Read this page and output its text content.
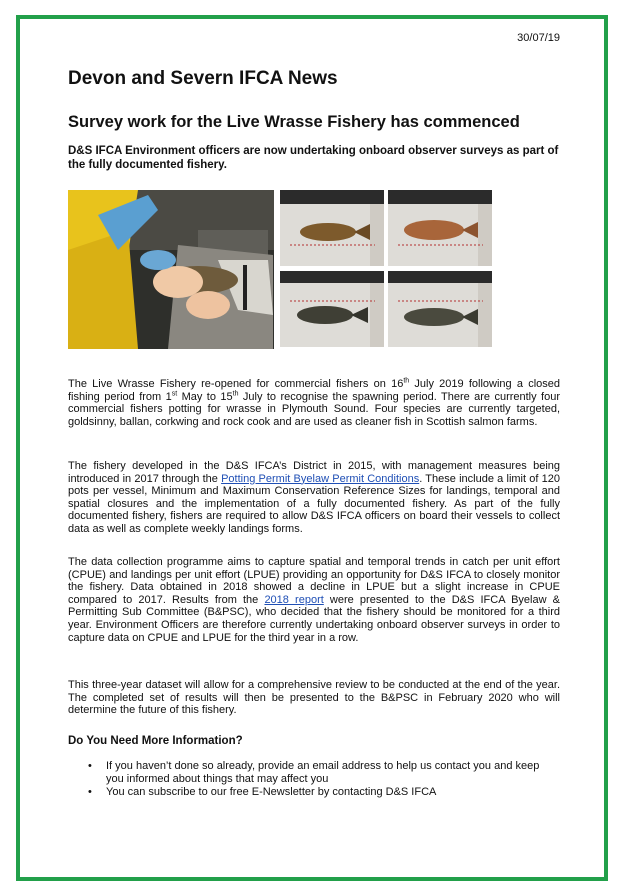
30/07/19
Devon and Severn IFCA News
Survey work for the Live Wrasse Fishery has commenced

D&S IFCA Environment officers are now undertaking onboard observer surveys as part of the fully documented fishery.

The Live Wrasse Fishery re-opened for commercial fishers on 16th July 2019 following a closed fishing period from 1st May to 15th July to recognise the spawning period. There are currently four commercial fishers potting for wrasse in Plymouth Sound. Four species are currently targeted, goldsinny, ballan, corkwing and rock cook and are used as cleaner fish in Scottish salmon farms.

The fishery developed in the D&S IFCA’s District in 2015, with management measures being introduced in 2017 through the Potting Permit Byelaw Permit Conditions. These include a limit of 120 pots per vessel, Minimum and Maximum Conservation Reference Sizes for landings, temporal and spatial closures and the implementation of a fully documented fishery. As part of the fully documented fishery, fishers are required to allow D&S IFCA officers on board their vessels to collect data as well as complete weekly landings forms.

The data collection programme aims to capture spatial and temporal trends in catch per unit effort (CPUE) and landings per unit effort (LPUE) providing an opportunity for D&S IFCA to closely monitor the fishery. Data obtained in 2018 showed a decline in LPUE but a slight increase in CPUE compared to 2017. Results from the 2018 report were presented to the D&S IFCA Byelaw & Permitting Sub Committee (B&PSC), who decided that the fishery should be monitored for a third year. Environment Officers are therefore currently undertaking onboard observer surveys in order to capture data on CPUE and LPUE for the third year in a row.

This three-year dataset will allow for a comprehensive review to be conducted at the end of the year. The completed set of results will then be presented to the B&PSC in February 2020 who will determine the future of this fishery.

Do You Need More Information?
• If you haven’t done so already, provide an email address to help us contact you and keep you informed about things that may affect you
• You can subscribe to our free E-Newsletter by contacting D&S IFCA
